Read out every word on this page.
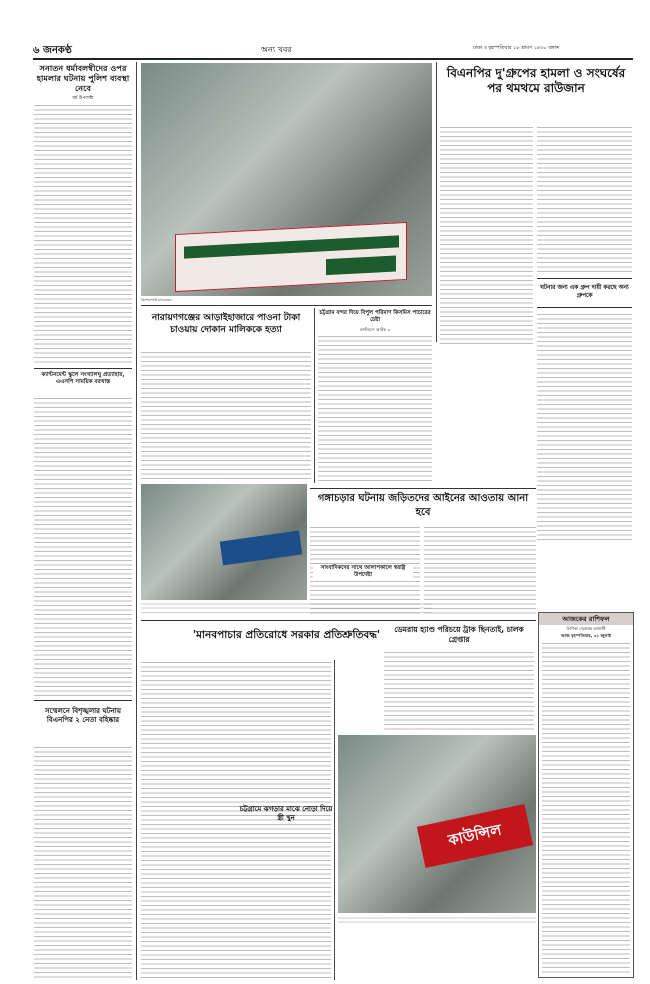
৬ জনকণ্ঠ	অন্য খবর	ঢাকা ॥ বৃহস্পতিবার ১৮ শ্রাবণ ১৪৩০ বঙ্গাব্দ
সনাতন ধর্মাবলম্বীদের ওপর হামলার ঘটনায় পুলিশ ব্যবস্থা নেবে
ধর্ম উপদেষ্টা
ক্যান্টনমেন্ট স্কুলে সংখ্যালঘু প্রত্যাহার, এএসপি সাময়িক বরখাস্ত
সম্মেলনে বিশৃঙ্খলার ঘটনায় বিএনপির ২ নেতা বহিষ্কার
কিশোরগঞ্জে মানববন্ধন
বিএনপির দু'গ্রুপের হামলা ও সংঘর্ষের পর থমথমে রাউজান
ঘটনার জন্য এক গ্রুপ দায়ী করছে অন্য গ্রুপকে
নারায়ণগঞ্জের আড়াইহাজারে পাওনা টাকা চাওয়ায় দোকান মালিককে হত্যা
চট্টগ্রাম বন্দর দিয়ে বিপুল পরিমাণ কিসমিস পাচারের চেষ্টা
কাস্টমসে আটক ৩
গঙ্গাচড়ার ঘটনায় জড়িতদের আইনের আওতায় আনা হবে
সাংবাদিকদের সাথে আলাপকালে স্বরাষ্ট্র উপদেষ্টা
'মানবপাচার প্রতিরোধে সরকার প্রতিশ্রুতিবদ্ধ'	ডেমরায় হ্যাণ্ড পরিচয়ে ট্রাক ছিনতাই, চালক গ্রেপ্তার
চট্টগ্রামে ঝগড়ার মাঝে নোড়া দিয়ে স্ত্রী খুন
কাউন্সিল
আজকের রাশিফল
লিপিকা দেবোত্তম ব্যানার্জী
আজ বৃহস্পতিবার, ৩১ জুলাই
